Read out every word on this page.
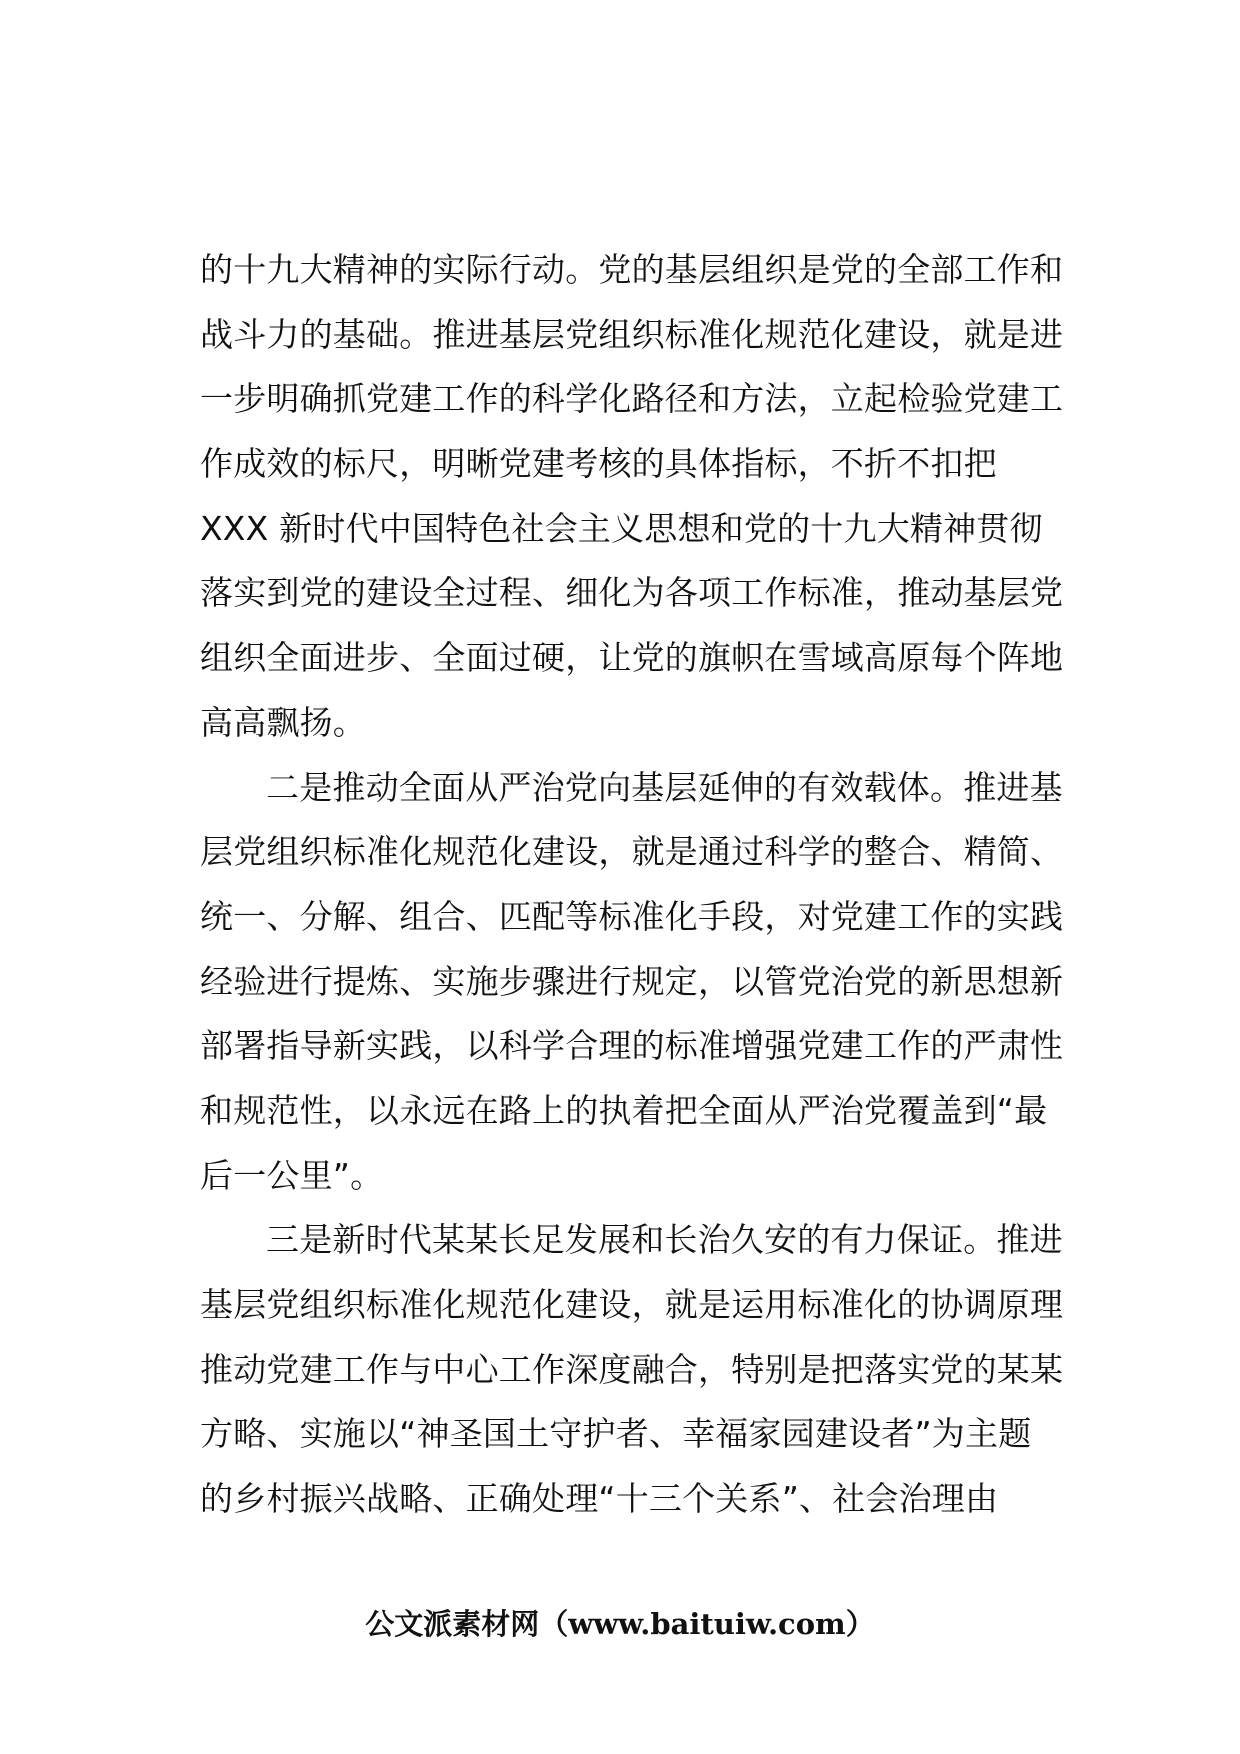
的十九大精神的实际行动。党的基层组织是党的全部工作和
战斗力的基础。推进基层党组织标准化规范化建设，就是进
一步明确抓党建工作的科学化路径和方法，立起检验党建工
作成效的标尺，明晰党建考核的具体指标，不折不扣把
XXX 新时代中国特色社会主义思想和党的十九大精神贯彻
落实到党的建设全过程、细化为各项工作标准，推动基层党
组织全面进步、全面过硬，让党的旗帜在雪域高原每个阵地
高高飘扬。
二是推动全面从严治党向基层延伸的有效载体。推进基
层党组织标准化规范化建设，就是通过科学的整合、精简、
统一、分解、组合、匹配等标准化手段，对党建工作的实践
经验进行提炼、实施步骤进行规定，以管党治党的新思想新
部署指导新实践，以科学合理的标准增强党建工作的严肃性
和规范性，以永远在路上的执着把全面从严治党覆盖到“最
后一公里”。
三是新时代某某长足发展和长治久安的有力保证。推进
基层党组织标准化规范化建设，就是运用标准化的协调原理
推动党建工作与中心工作深度融合，特别是把落实党的某某
方略、实施以“神圣国土守护者、幸福家园建设者”为主题
的乡村振兴战略、正确处理“十三个关系”、社会治理由
公文派素材网（www.baituiw.com）
